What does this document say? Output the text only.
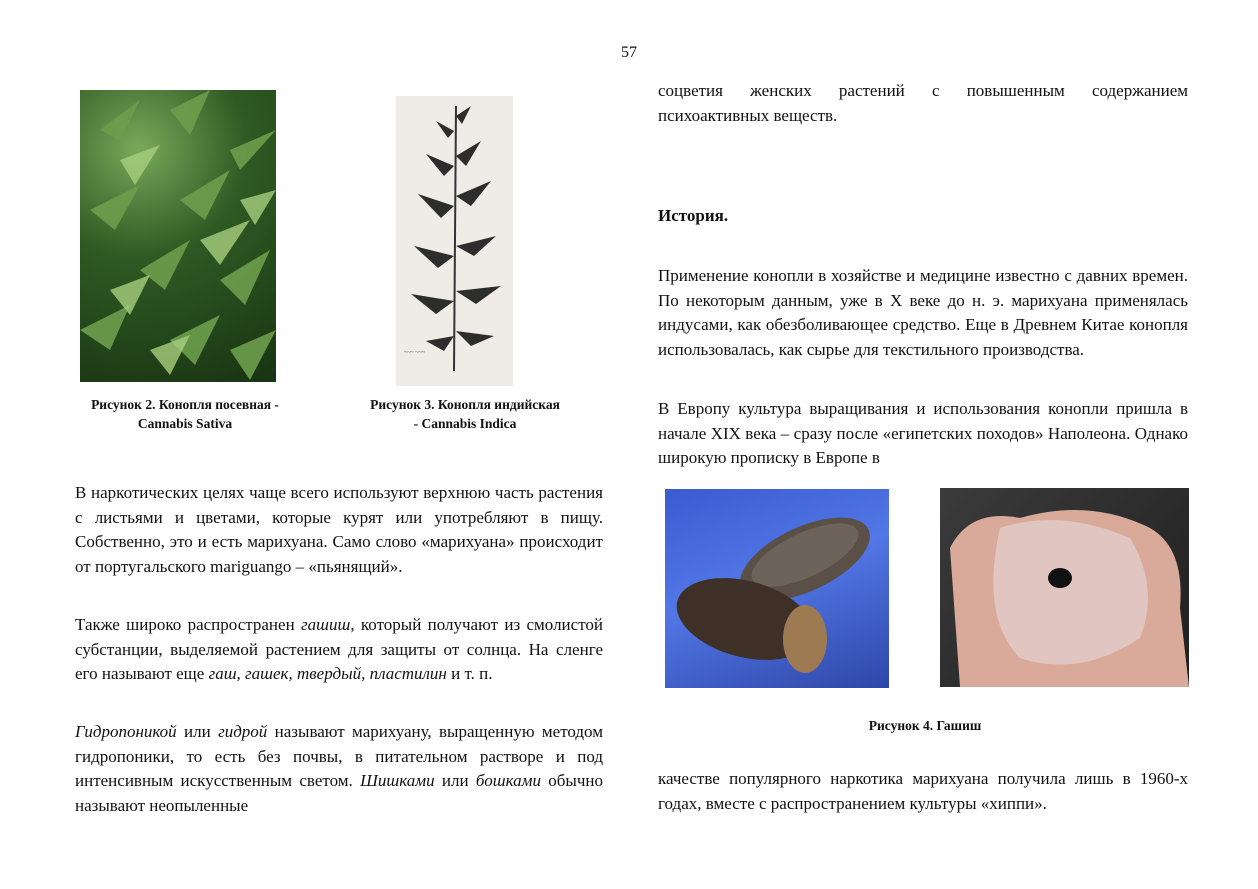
57
Рисунок 2. Конопля посевная -
Cannabis Sativa
~~~ ~~~
~~~
Рисунок 3. Конопля индийская
- Cannabis Indica
В наркотических целях чаще всего используют верхнюю часть растения с листьями и цветами, которые курят или употребляют в пищу. Собственно, это и есть марихуана. Само слово «марихуана» происходит от португальского mariguango – «пьянящий».
Также широко распространен гашиш, который получают из смолистой субстанции, выделяемой растением для защиты от солнца. На сленге его называют еще гаш, гашек, твердый, пластилин и т. п.
Гидропоникой или гидрой называют марихуану, выращенную методом гидропоники, то есть без почвы, в питательном растворе и под интенсивным искусственным светом. Шишками или бошками обычно называют неопыленные
соцветия женских растений с повышенным содержанием психоактивных веществ.
История.
Применение конопли в хозяйстве и медицине известно с давних времен. По некоторым данным, уже в X веке до н. э. марихуана применялась индусами, как обезболивающее средство. Еще в Древнем Китае конопля использовалась, как сырье для текстильного производства.
В Европу культура выращивания и использования конопли пришла в начале XIX века – сразу после «египетских походов» Наполеона. Однако широкую прописку в Европе в
Рисунок 4. Гашиш
качестве популярного наркотика марихуана получила лишь в 1960-х годах, вместе с распространением культуры «хиппи».
